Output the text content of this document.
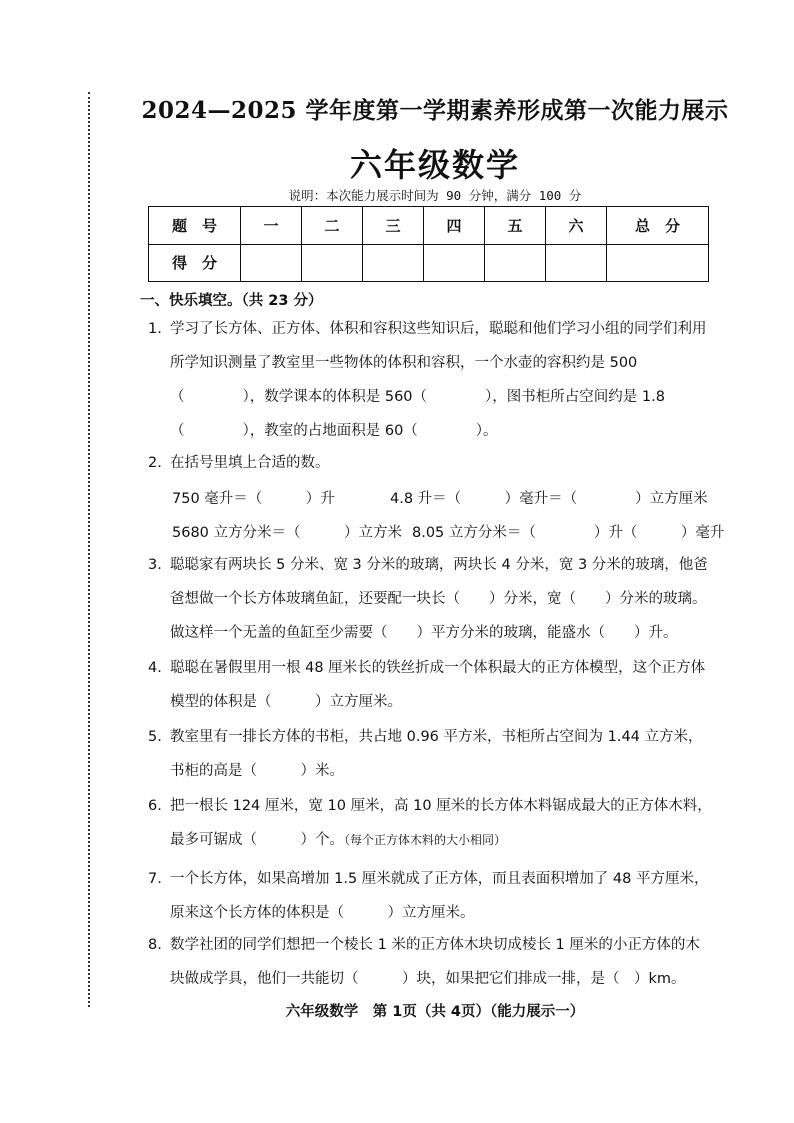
2024—2025 学年度第一学期素养形成第一次能力展示
六年级数学
说明：本次能力展示时间为 90 分钟，满分 100 分
题　号	一	二	三	四	五	六	总　分
得　分							
一、快乐填空。（共 23 分）
1. 学习了长方体、正方体、体积和容积这些知识后，聪聪和他们学习小组的同学们利用所学知识测量了教室里一些物体的体积和容积，一个水壶的容积约是 500（　　　　），数学课本的体积是 560（　　　　），图书柜所占空间约是 1.8（　　　　），教室的占地面积是 60（　　　　）。
2. 在括号里填上合适的数。
750 毫升＝（　　　）升	4.8 升＝（　　　）毫升＝（　　　　）立方厘米
5680 立方分米＝（　　　）立方米 8.05 立方分米＝（　　　　）升（　　　）毫升
3. 聪聪家有两块长 5 分米、宽 3 分米的玻璃，两块长 4 分米，宽 3 分米的玻璃，他爸爸想做一个长方体玻璃鱼缸，还要配一块长（　　）分米，宽（　　）分米的玻璃。做这样一个无盖的鱼缸至少需要（　　）平方分米的玻璃，能盛水（　　）升。
4. 聪聪在暑假里用一根 48 厘米长的铁丝折成一个体积最大的正方体模型，这个正方体模型的体积是（　　　）立方厘米。
5. 教室里有一排长方体的书柜，共占地 0.96 平方米，书柜所占空间为 1.44 立方米，书柜的高是（　　　）米。
6. 把一根长 124 厘米，宽 10 厘米，高 10 厘米的长方体木料锯成最大的正方体木料，最多可锯成（　　　）个。（每个正方体木料的大小相同）
7. 一个长方体，如果高增加 1.5 厘米就成了正方体，而且表面积增加了 48 平方厘米，原来这个长方体的体积是（　　　）立方厘米。
8. 数学社团的同学们想把一个棱长 1 米的正方体木块切成棱长 1 厘米的小正方体的木块做成学具，他们一共能切（　　　）块，如果把它们排成一排，是（　）km。
六年级数学　第 1页（共 4页）（能力展示一）
